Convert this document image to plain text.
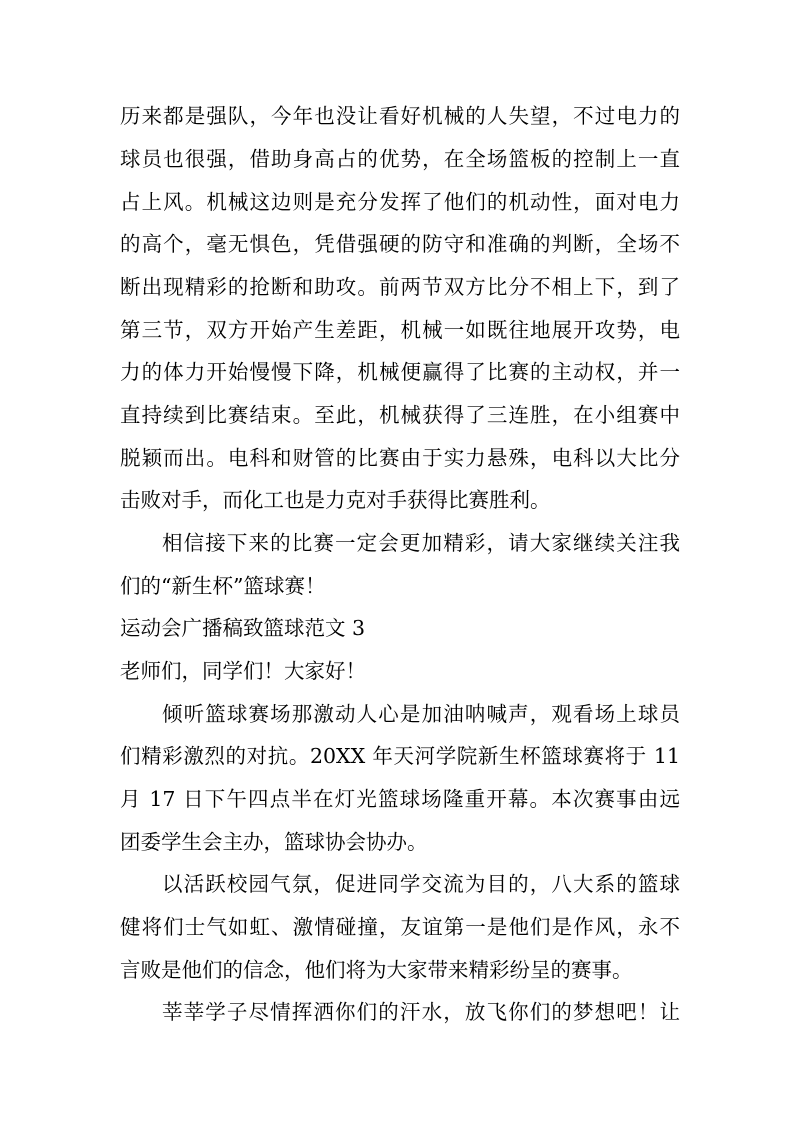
历来都是强队，今年也没让看好机械的人失望，不过电力的
球员也很强，借助身高占的优势，在全场篮板的控制上一直
占上风。机械这边则是充分发挥了他们的机动性，面对电力
的高个，毫无惧色，凭借强硬的防守和准确的判断，全场不
断出现精彩的抢断和助攻。前两节双方比分不相上下，到了
第三节，双方开始产生差距，机械一如既往地展开攻势，电
力的体力开始慢慢下降，机械便赢得了比赛的主动权，并一
直持续到比赛结束。至此，机械获得了三连胜，在小组赛中
脱颖而出。电科和财管的比赛由于实力悬殊，电科以大比分
击败对手，而化工也是力克对手获得比赛胜利。
相信接下来的比赛一定会更加精彩，请大家继续关注我
们的“新生杯”篮球赛！
运动会广播稿致篮球范文 3
老师们，同学们！大家好！
倾听篮球赛场那激动人心是加油呐喊声，观看场上球员
们精彩激烈的对抗。20XX 年天河学院新生杯篮球赛将于 11
月 17 日下午四点半在灯光篮球场隆重开幕。本次赛事由远
团委学生会主办，篮球协会协办。
以活跃校园气氛，促进同学交流为目的，八大系的篮球
健将们士气如虹、激情碰撞，友谊第一是他们是作风，永不
言败是他们的信念，他们将为大家带来精彩纷呈的赛事。
莘莘学子尽情挥洒你们的汗水，放飞你们的梦想吧！让
